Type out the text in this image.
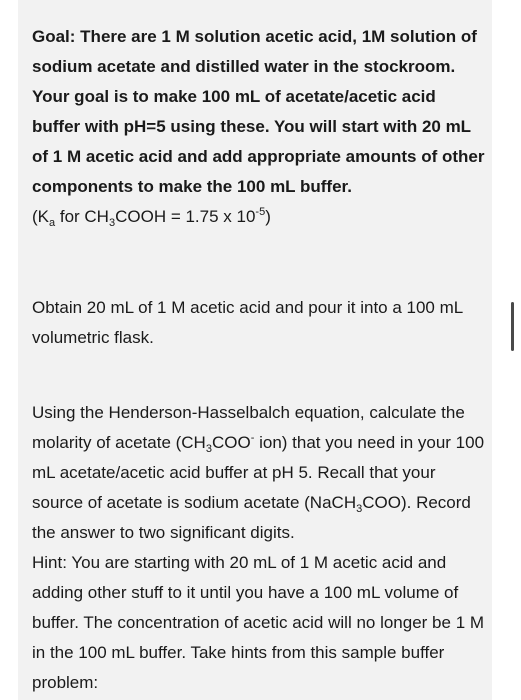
Goal: There are 1 M solution acetic acid, 1M solution of sodium acetate and distilled water in the stockroom. Your goal is to make 100 mL of acetate/acetic acid buffer with pH=5 using these. You will start with 20 mL of 1 M acetic acid and add appropriate amounts of other components to make the 100 mL buffer.

($K_a$ for $CH_3COOH = 1.75$ x $10^{-5}$)

Obtain 20 mL of 1 M acetic acid and pour it into a 100 mL volumetric flask.

Using the Henderson-Hasselbalch equation, calculate the molarity of acetate ($CH_3COO^-$ ion) that you need in your 100 mL acetate/acetic acid buffer at pH 5. Recall that your source of acetate is sodium acetate (NaCH$_3$COO). Record the answer to two significant digits.

Hint: You are starting with 20 mL of 1 M acetic acid and adding other stuff to it until you have a 100 mL volume of buffer. The concentration of acetic acid will no longer be 1 M in the 100 mL buffer. Take hints from this sample buffer problem:
